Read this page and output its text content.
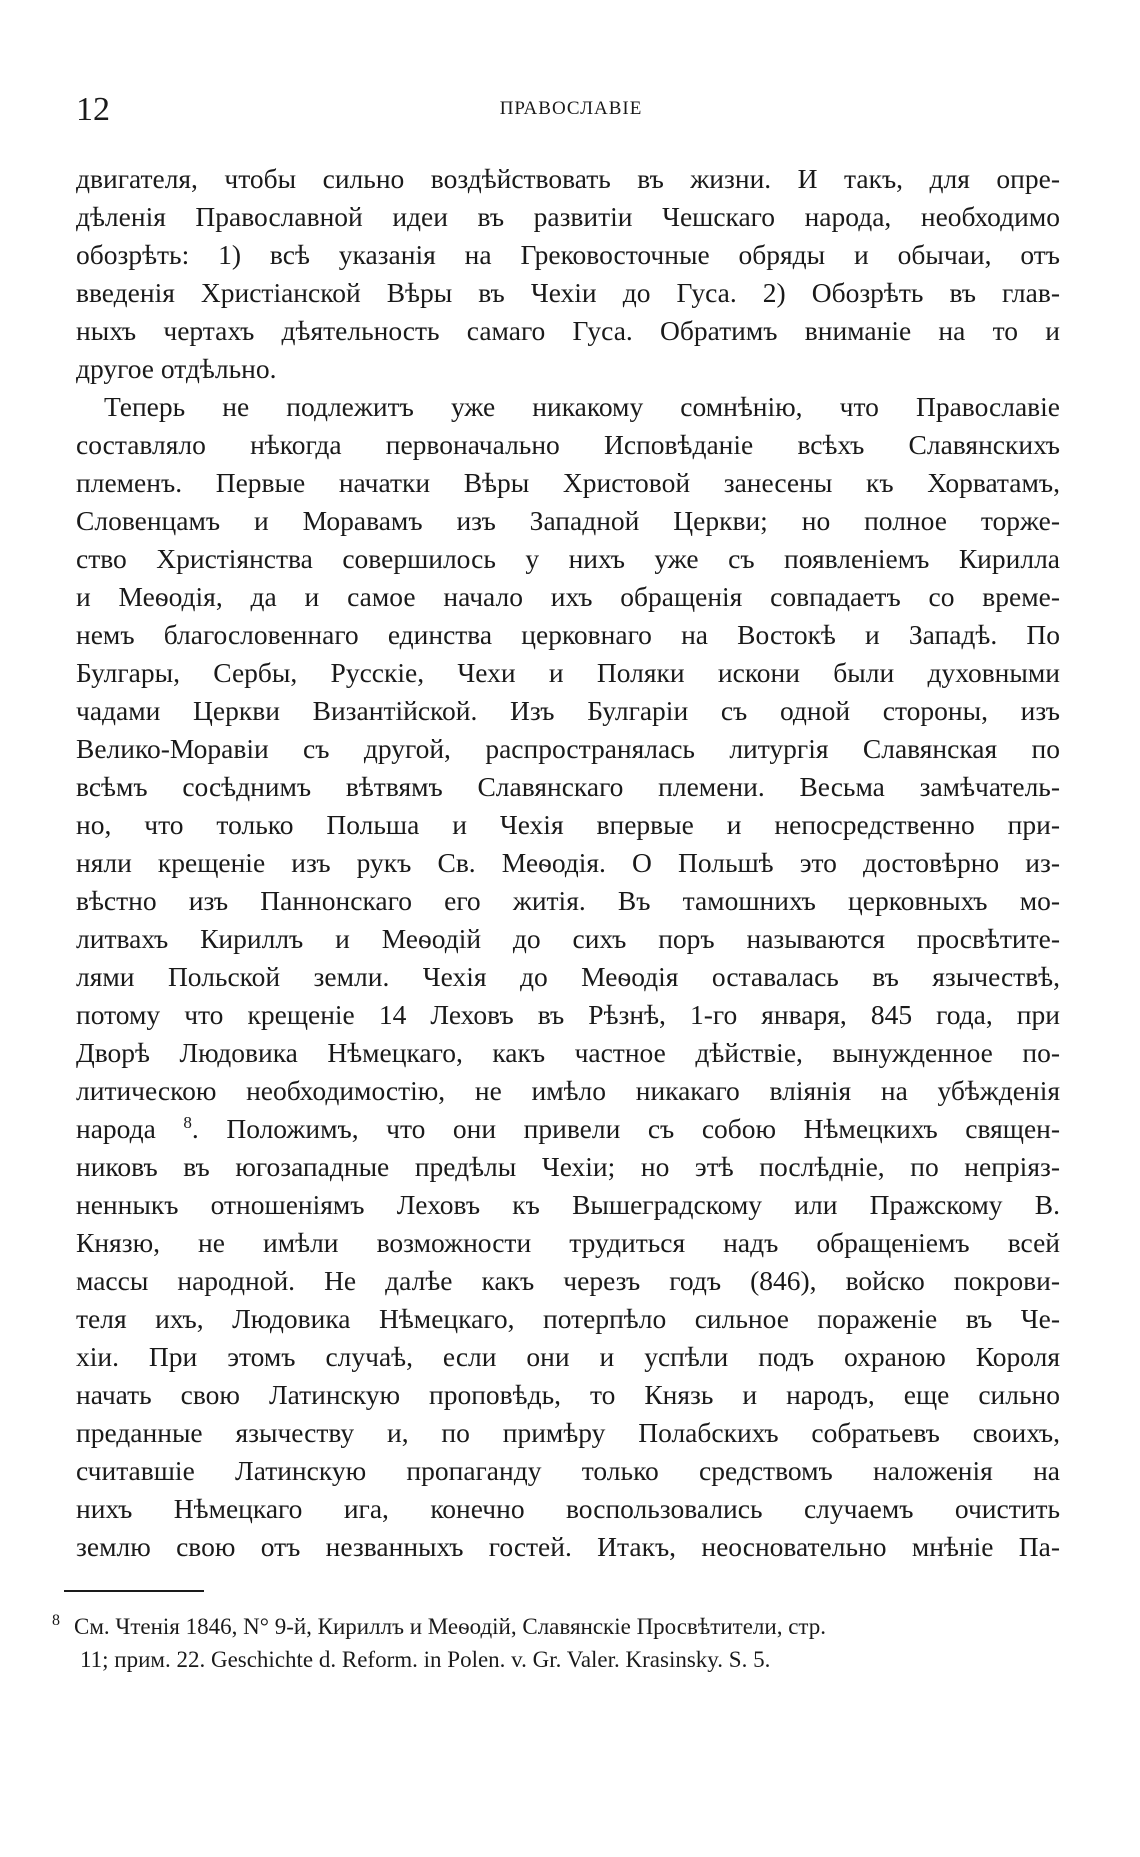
12	ПРАВОСЛАВІЕ
двигателя, чтобы сильно воздѣйствовать въ жизни. И такъ, для опре-
дѣленія Православной идеи въ развитіи Чешскаго народа, необходимо
обозрѣть: 1) всѣ указанія на Грековосточные обряды и обычаи, отъ
введенія Христіанской Вѣры въ Чехіи до Гуса. 2) Обозрѣть въ глав-
ныхъ чертахъ дѣятельность самаго Гуса. Обратимъ вниманіе на то и
другое отдѣльно.
Теперь не подлежитъ уже никакому сомнѣнію, что Православіе
составляло нѣкогда первоначально Исповѣданіе всѣхъ Славянскихъ
племенъ. Первые начатки Вѣры Христовой занесены къ Хорватамъ,
Словенцамъ и Моравамъ изъ Западной Церкви; но полное торже-
ство Христіянства совершилось у нихъ уже съ появленіемъ Кирилла
и Меѳодія, да и самое начало ихъ обращенія совпадаетъ со време-
немъ благословеннаго единства церковнаго на Востокѣ и Западѣ. По
Булгары, Сербы, Русскіе, Чехи и Поляки искони были духовными
чадами Церкви Византійской. Изъ Булгаріи съ одной стороны, изъ
Велико-Моравіи съ другой, распространялась литургія Славянская по
всѣмъ сосѣднимъ вѣтвямъ Славянскаго племени. Весьма замѣчатель-
но, что только Польша и Чехія впервые и непосредственно при-
няли крещеніе изъ рукъ Св. Меѳодія. О Польшѣ это достовѣрно из-
вѣстно изъ Паннонскаго его житія. Въ тамошнихъ церковныхъ мо-
литвахъ Кириллъ и Меѳодій до сихъ поръ называются просвѣтите-
лями Польской земли. Чехія до Меѳодія оставалась въ язычествѣ,
потому что крещеніе 14 Леховъ въ Рѣзнѣ, 1-го января, 845 года, при
Дворѣ Людовика Нѣмецкаго, какъ частное дѣйствіе, вынужденное по-
литическою необходимостію, не имѣло никакаго вліянія на убѣжденія
народа $^8$. Положимъ, что они привели съ собою Нѣмецкихъ священ-
никовъ въ югозападные предѣлы Чехіи; но этѣ послѣдніе, по непріяз-
ненныкъ отношеніямъ Леховъ къ Вышеградскому или Пражскому В.
Князю, не имѣли возможности трудиться надъ обращеніемъ всей
массы народной. Не далѣе какъ черезъ годъ (846), войско покрови-
теля ихъ, Людовика Нѣмецкаго, потерпѣло сильное пораженіе въ Че-
хіи. При этомъ случаѣ, если они и успѣли подъ охраною Короля
начать свою Латинскую проповѣдь, то Князь и народъ, еще сильно
преданные язычеству и, по примѣру Полабскихъ собратьевъ своихъ,
считавшіе Латинскую пропаганду только средствомъ наложенія на
нихъ Нѣмецкаго ига, конечно воспользовались случаемъ очистить
землю свою отъ незванныхъ гостей. Итакъ, неосновательно мнѣніе Па-
8 См. Чтенія 1846, N° 9-й, Кириллъ и Меѳодій, Славянскіе Просвѣтители, стр.
11; прим. 22. Geschichte d. Reform. in Polen. v. Gr. Valer. Krasinsky. S. 5.
